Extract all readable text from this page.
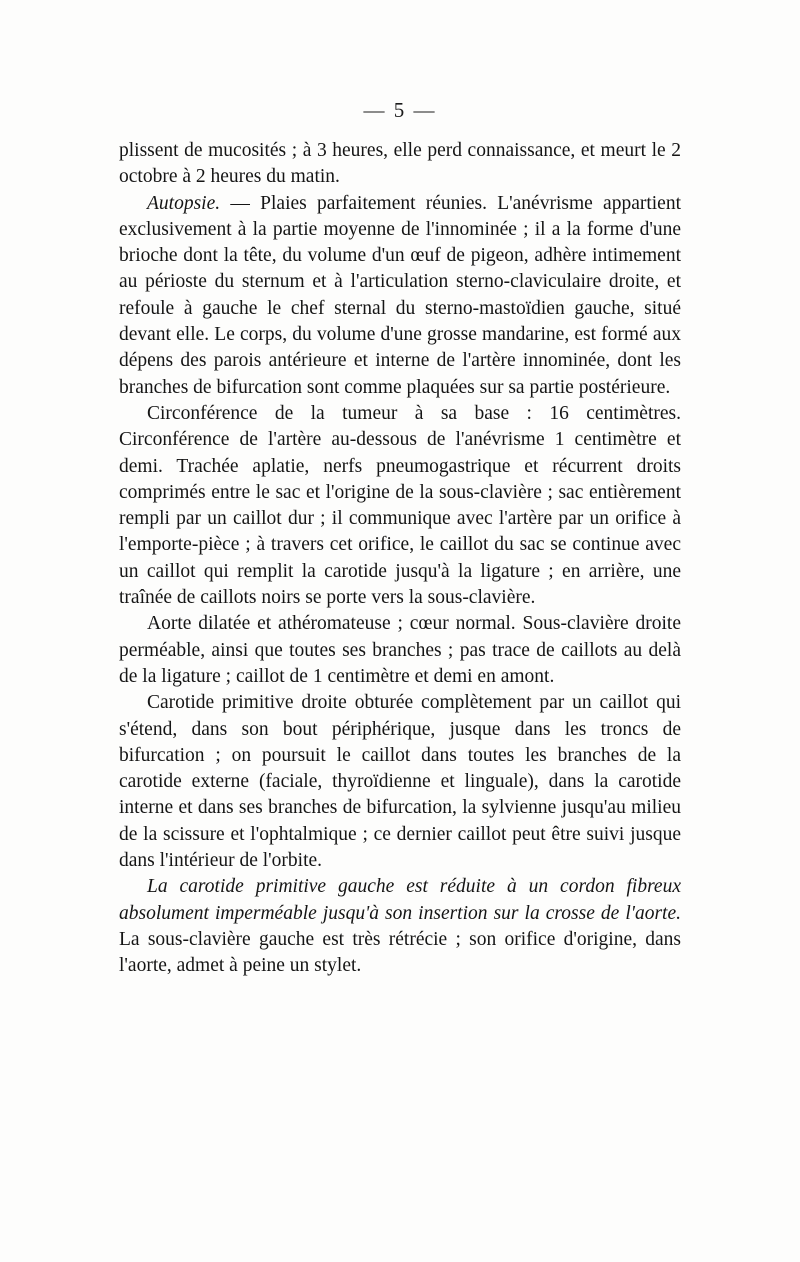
— 5 —

plissent de mucosités ; à 3 heures, elle perd connaissance, et meurt le 2 octobre à 2 heures du matin.

Autopsie. — Plaies parfaitement réunies. L'anévrisme appartient exclusivement à la partie moyenne de l'innominée ; il a la forme d'une brioche dont la tête, du volume d'un œuf de pigeon, adhère intimement au périoste du sternum et à l'articulation sterno-claviculaire droite, et refoule à gauche le chef sternal du sterno-mastoïdien gauche, situé devant elle. Le corps, du volume d'une grosse mandarine, est formé aux dépens des parois antérieure et interne de l'artère innominée, dont les branches de bifurcation sont comme plaquées sur sa partie postérieure.

Circonférence de la tumeur à sa base : 16 centimètres. Circonférence de l'artère au-dessous de l'anévrisme 1 centimètre et demi. Trachée aplatie, nerfs pneumogastrique et récurrent droits comprimés entre le sac et l'origine de la sous-clavière ; sac entièrement rempli par un caillot dur ; il communique avec l'artère par un orifice à l'emporte-pièce ; à travers cet orifice, le caillot du sac se continue avec un caillot qui remplit la carotide jusqu'à la ligature ; en arrière, une traînée de caillots noirs se porte vers la sous-clavière.

Aorte dilatée et athéromateuse ; cœur normal. Sous-clavière droite perméable, ainsi que toutes ses branches ; pas trace de caillots au delà de la ligature ; caillot de 1 centimètre et demi en amont.

Carotide primitive droite obturée complètement par un caillot qui s'étend, dans son bout périphérique, jusque dans les troncs de bifurcation ; on poursuit le caillot dans toutes les branches de la carotide externe (faciale, thyroïdienne et linguale), dans la carotide interne et dans ses branches de bifurcation, la sylvienne jusqu'au milieu de la scissure et l'ophtalmique ; ce dernier caillot peut être suivi jusque dans l'intérieur de l'orbite.

La carotide primitive gauche est réduite à un cordon fibreux absolument imperméable jusqu'à son insertion sur la crosse de l'aorte. La sous-clavière gauche est très rétrécie ; son orifice d'origine, dans l'aorte, admet à peine un stylet.
